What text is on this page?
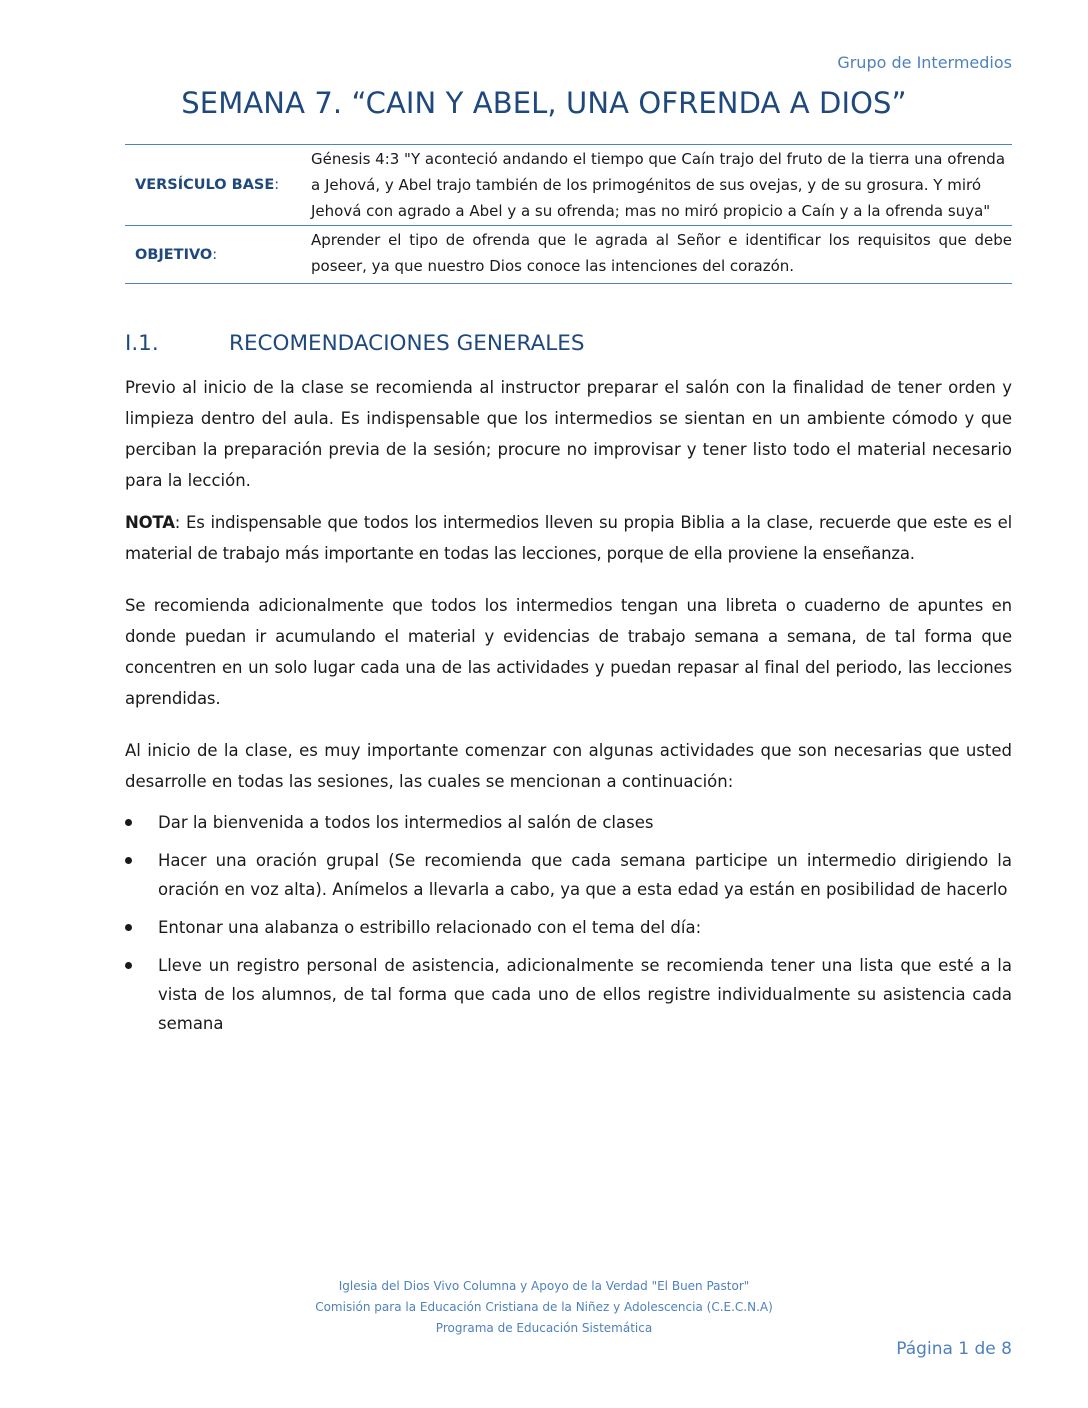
Grupo de Intermedios
SEMANA 7. “CAIN Y ABEL, UNA OFRENDA A DIOS”
VERSÍCULO BASE :
Génesis 4:3 "Y aconteció andando el tiempo que Caín trajo del fruto de la tierra una ofrenda a Jehová, y Abel trajo también de los primogénitos de sus ovejas, y de su grosura. Y miró Jehová con agrado a Abel y a su ofrenda; mas no miró propicio a Caín y a la ofrenda suya"
OBJETIVO :
Aprender el tipo de ofrenda que le agrada al Señor e identificar los requisitos que debe poseer, ya que nuestro Dios conoce las intenciones del corazón.
I.1.	RECOMENDACIONES GENERALES

Previo al inicio de la clase se recomienda al instructor preparar el salón con la finalidad de tener orden y limpieza dentro del aula. Es indispensable que los intermedios se sientan en un ambiente cómodo y que perciban la preparación previa de la sesión; procure no improvisar y tener listo todo el material necesario para la lección.

NOTA: Es indispensable que todos los intermedios lleven su propia Biblia a la clase, recuerde que este es el material de trabajo más importante en todas las lecciones, porque de ella proviene la enseñanza.

Se recomienda adicionalmente que todos los intermedios tengan una libreta o cuaderno de apuntes en donde puedan ir acumulando el material y evidencias de trabajo semana a semana, de tal forma que concentren en un solo lugar cada una de las actividades y puedan repasar al final del periodo, las lecciones aprendidas.

Al inicio de la clase, es muy importante comenzar con algunas actividades que son necesarias que usted desarrolle en todas las sesiones, las cuales se mencionan a continuación:

Dar la bienvenida a todos los intermedios al salón de clases
Hacer una oración grupal (Se recomienda que cada semana participe un intermedio dirigiendo la oración en voz alta). Anímelos a llevarla a cabo, ya que a esta edad ya están en posibilidad de hacerlo
Entonar una alabanza o estribillo relacionado con el tema del día:
Lleve un registro personal de asistencia, adicionalmente se recomienda tener una lista que esté a la vista de los alumnos, de tal forma que cada uno de ellos registre individualmente su asistencia cada semana
Iglesia del Dios Vivo Columna y Apoyo de la Verdad "El Buen Pastor"
Comisión para la Educación Cristiana de la Niñez y Adolescencia (C.E.C.N.A)
Programa de Educación Sistemática
Página 1 de 8
